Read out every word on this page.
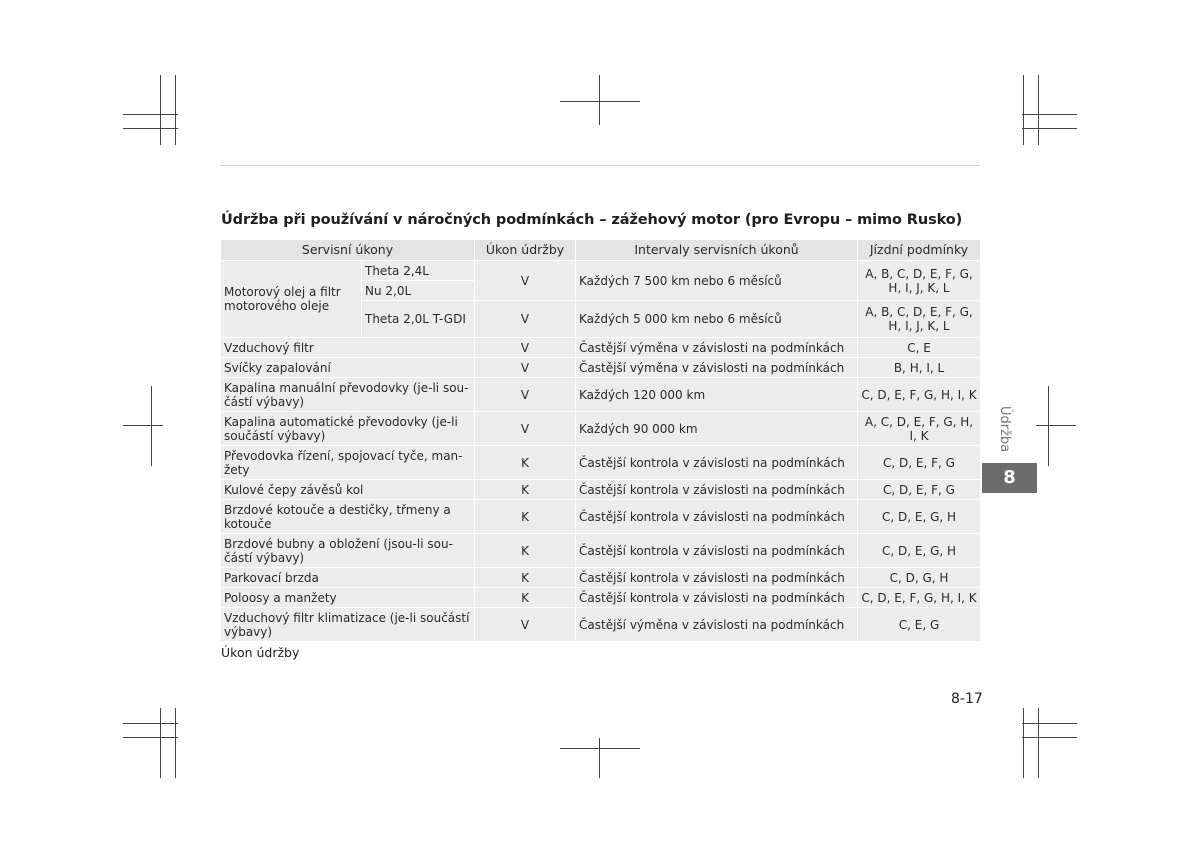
Údržba při používání v náročných podmínkách – zážehový motor (pro Evropu – mimo Rusko)
Servisní úkony		Úkon údržby	Intervaly servisních úkonů	Jízdní podmínky
Motorový olej a filtr motorového oleje	Theta 2,4L	V	Každých 7 500 km nebo 6 měsíců	A, B, C, D, E, F, G, H, I, J, K, L
	Nu 2,0L			
	Theta 2,0L T-GDI	V	Každých 5 000 km nebo 6 měsíců	A, B, C, D, E, F, G, H, I, J, K, L
Vzduchový filtr		V	Častější výměna v závislosti na podmínkách	C, E
Svíčky zapalování		V	Častější výměna v závislosti na podmínkách	B, H, I, L
Kapalina manuální převodovky (je-li sou-částí výbavy)		V	Každých 120 000 km	C, D, E, F, G, H, I, K
Kapalina automatické převodovky (je-li součástí výbavy)		V	Každých 90 000 km	A, C, D, E, F, G, H, I, K
Převodovka řízení, spojovací tyče, man-žety		K	Častější kontrola v závislosti na podmínkách	C, D, E, F, G
Kulové čepy závěsů kol		K	Častější kontrola v závislosti na podmínkách	C, D, E, F, G
Brzdové kotouče a destičky, třmeny a kotouče		K	Častější kontrola v závislosti na podmínkách	C, D, E, G, H
Brzdové bubny a obložení (jsou-li sou-částí výbavy)		K	Častější kontrola v závislosti na podmínkách	C, D, E, G, H
Parkovací brzda		K	Častější kontrola v závislosti na podmínkách	C, D, G, H
Poloosy a manžety		K	Častější kontrola v závislosti na podmínkách	C, D, E, F, G, H, I, K
Vzduchový filtr klimatizace (je-li součástí výbavy)		V	Častější výměna v závislosti na podmínkách	C, E, G
Úkon údržby
Údržba
8
8-17
